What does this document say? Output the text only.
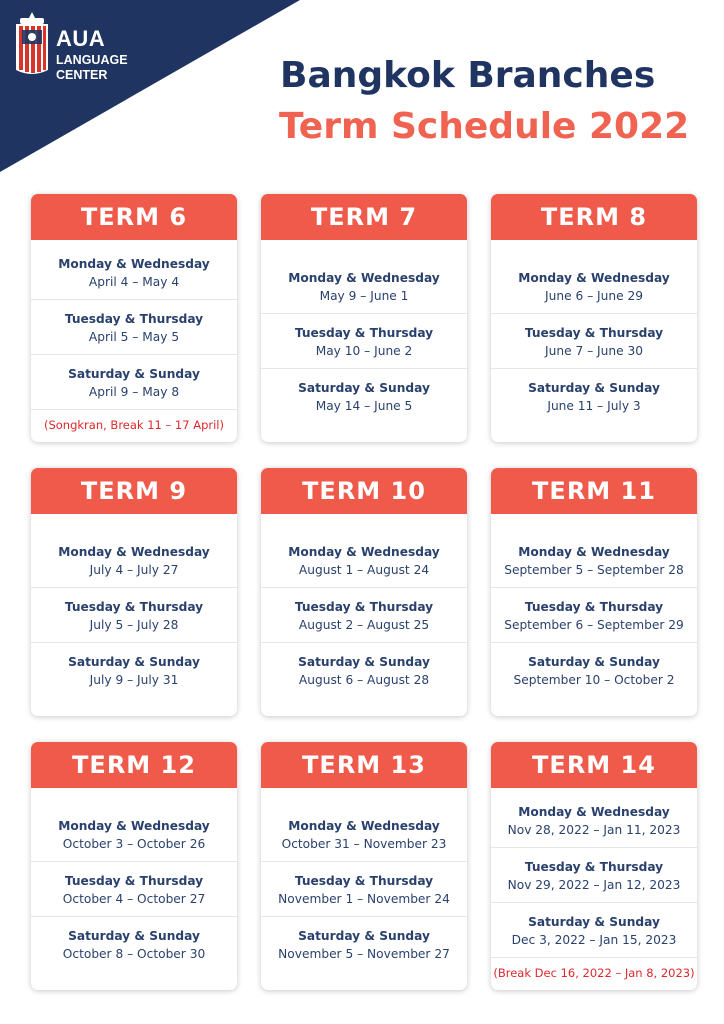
AUA
LANGUAGE
CENTER	Bangkok Branches
Term Schedule 2022
TERM 6
Monday & Wednesday
April 4 – May 4
Tuesday & Thursday
April 5 – May 5
Saturday & Sunday
April 9 – May 8
(Songkran, Break 11 – 17 April)
TERM 7
Monday & Wednesday
May 9 – June 1
Tuesday & Thursday
May 10 – June 2
Saturday & Sunday
May 14 – June 5
TERM 8
Monday & Wednesday
June 6 – June 29
Tuesday & Thursday
June 7 – June 30
Saturday & Sunday
June 11 – July 3
TERM 9
Monday & Wednesday
July 4 – July 27
Tuesday & Thursday
July 5 – July 28
Saturday & Sunday
July 9 – July 31
TERM 10
Monday & Wednesday
August 1 – August 24
Tuesday & Thursday
August 2 – August 25
Saturday & Sunday
August 6 – August 28
TERM 11
Monday & Wednesday
September 5 – September 28
Tuesday & Thursday
September 6 – September 29
Saturday & Sunday
September 10 – October 2
TERM 12
Monday & Wednesday
October 3 – October 26
Tuesday & Thursday
October 4 – October 27
Saturday & Sunday
October 8 – October 30
TERM 13
Monday & Wednesday
October 31 – November 23
Tuesday & Thursday
November 1 – November 24
Saturday & Sunday
November 5 – November 27
TERM 14
Monday & Wednesday
Nov 28, 2022 – Jan 11, 2023
Tuesday & Thursday
Nov 29, 2022 – Jan 12, 2023
Saturday & Sunday
Dec 3, 2022 – Jan 15, 2023
(Break Dec 16, 2022 – Jan 8, 2023)
